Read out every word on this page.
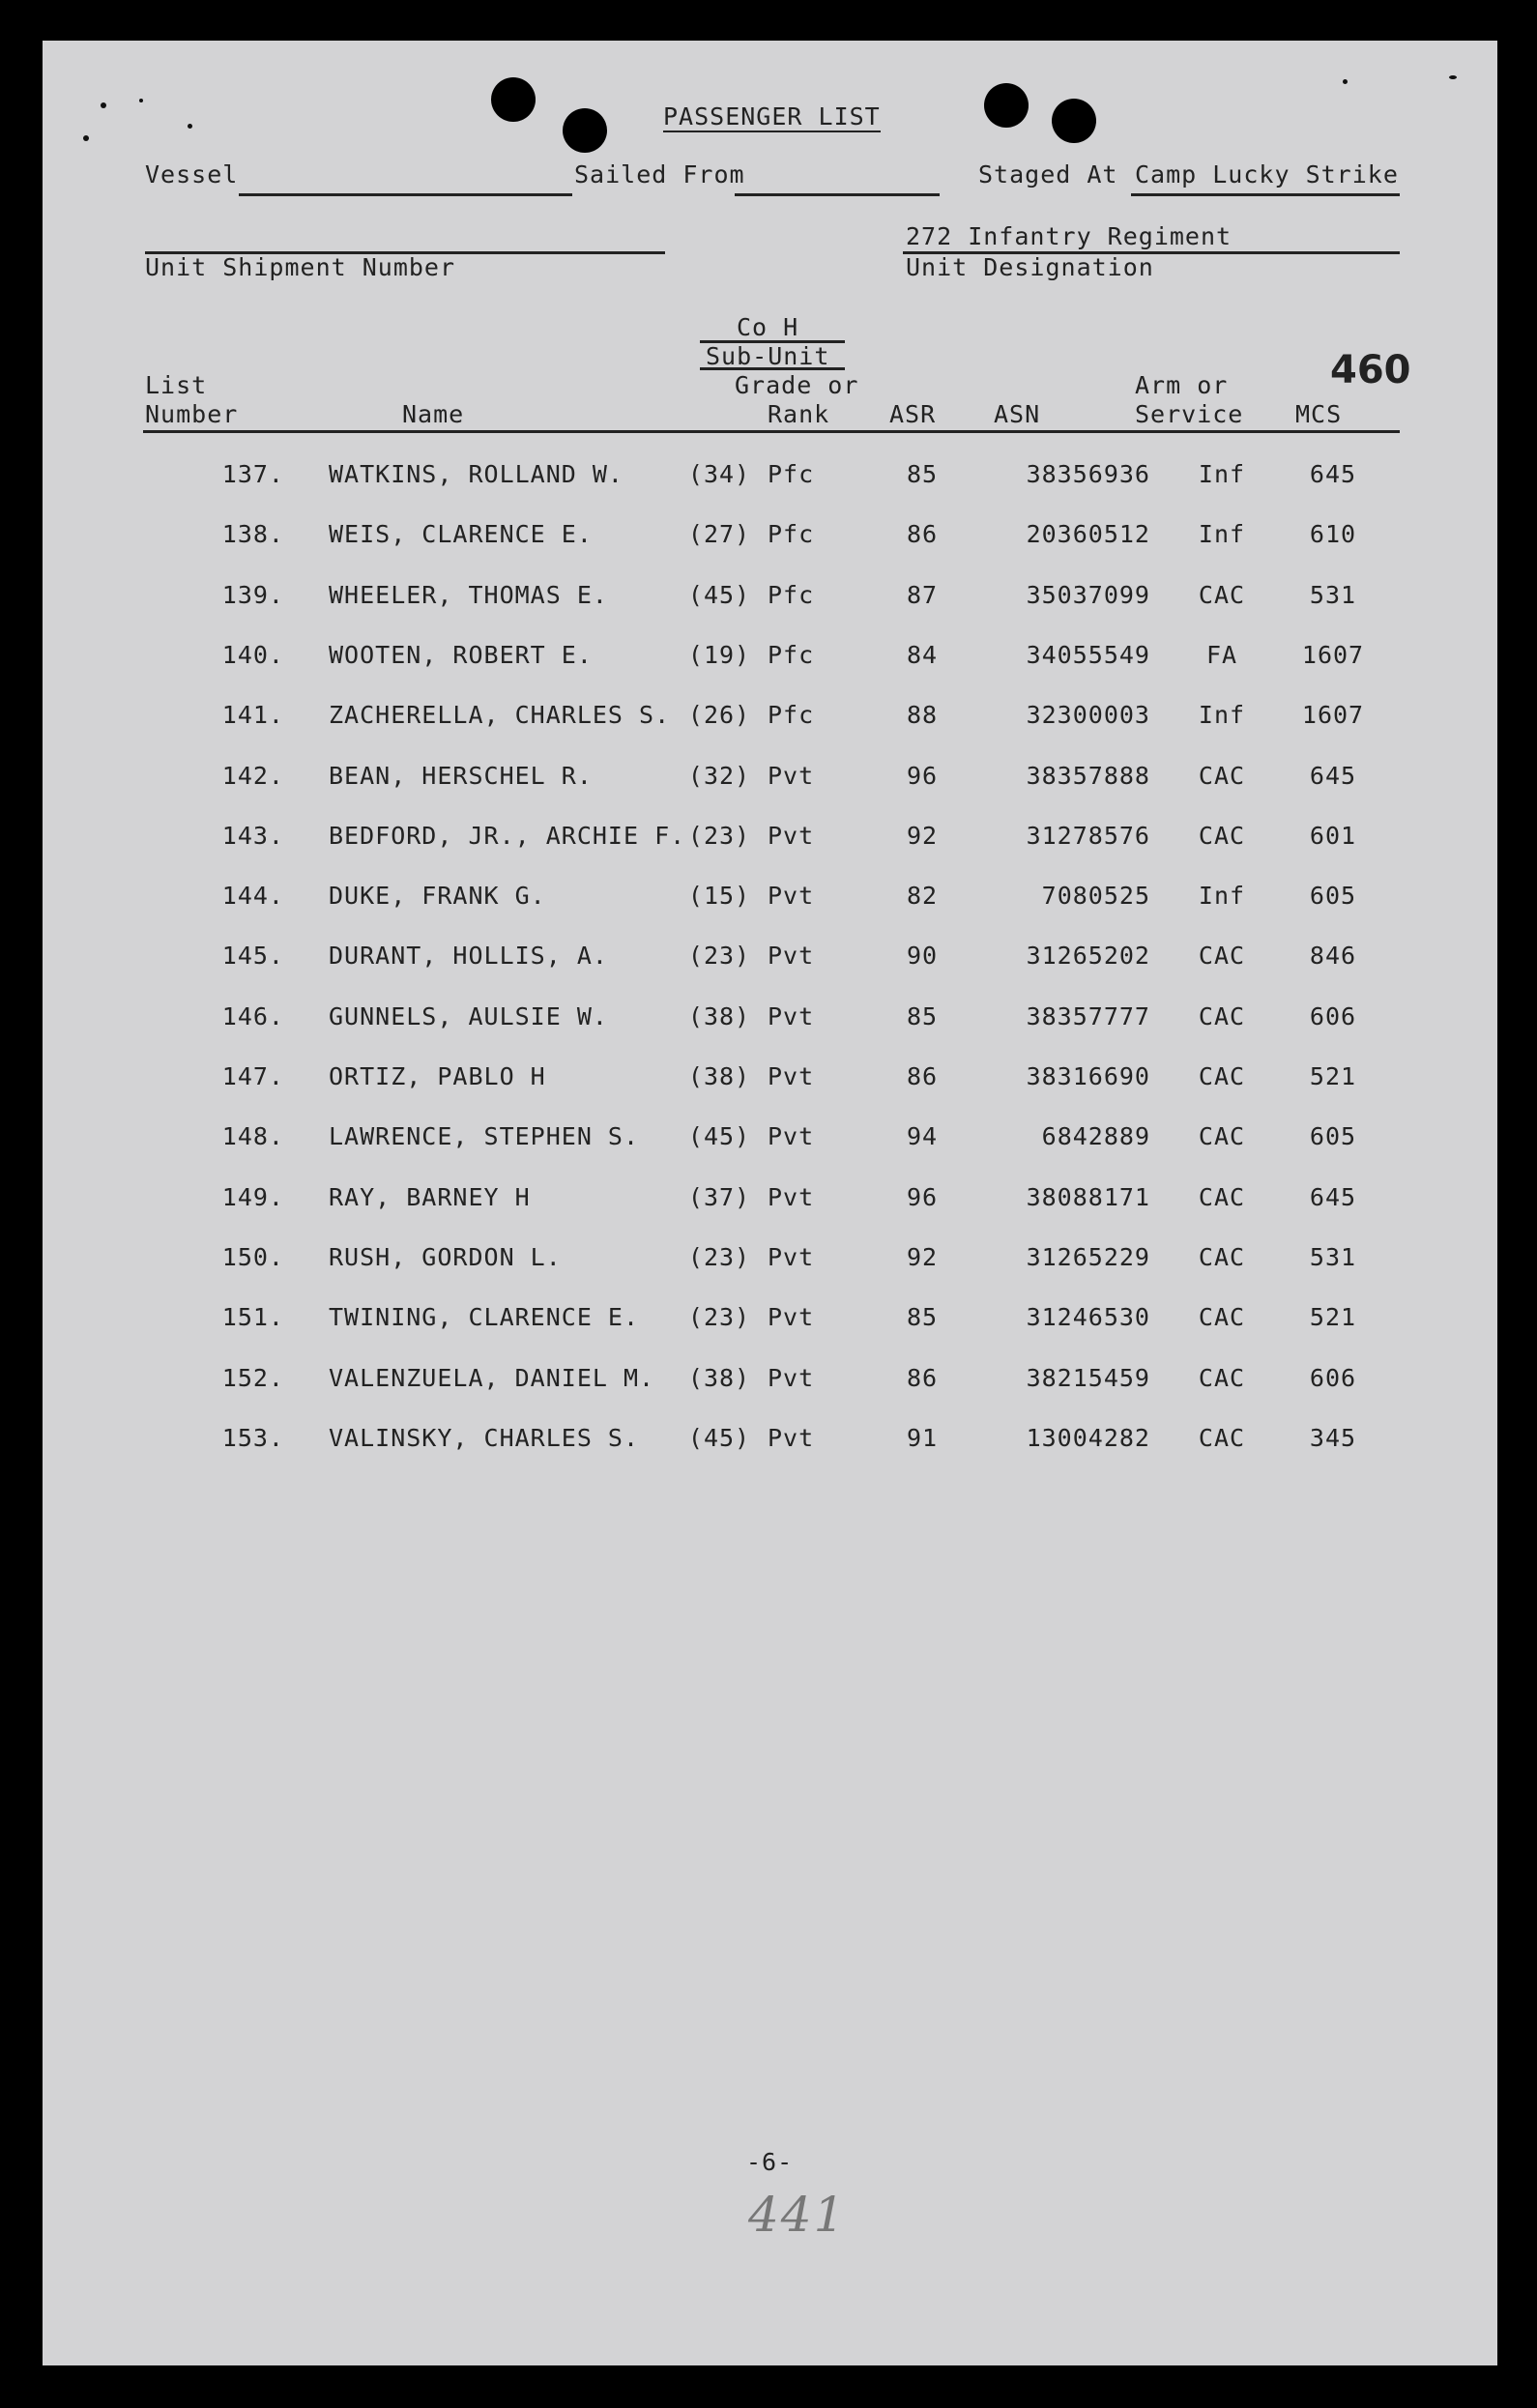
PASSENGER LIST
Vessel	Sailed From	Staged At Camp Lucky Strike
Unit Shipment Number
272 Infantry Regiment
Unit Designation
Co H
Sub-Unit	460
List
Number	Name
Grade or
Rank ASR ASN
Arm or
Service MCS
137. WATKINS, ROLLAND W.	(34) Pfc	85	38356936	Inf	645
138. WEIS, CLARENCE E.	(27) Pfc	86	20360512	Inf	610
139. WHEELER, THOMAS E.	(45) Pfc	87	35037099	CAC	531
140. WOOTEN, ROBERT E.	(19) Pfc	84	34055549	FA	1607
141. ZACHERELLA, CHARLES S. (26) Pfc	88	32300003	Inf	1607
142. BEAN, HERSCHEL R.	(32) Pvt	96	38357888	CAC	645
143. BEDFORD, JR., ARCHIE F. (23) Pvt	92	31278576	CAC	601
144. DUKE, FRANK G.	(15) Pvt	82	7080525	Inf	605
145. DURANT, HOLLIS, A.	(23) Pvt	90	31265202	CAC	846
146. GUNNELS, AULSIE W.	(38) Pvt	85	38357777	CAC	606
147. ORTIZ, PABLO H	(38) Pvt	86	38316690	CAC	521
148. LAWRENCE, STEPHEN S.	(45) Pvt	94	6842889	CAC	605
149. RAY, BARNEY H	(37) Pvt	96	38088171	CAC	645
150. RUSH, GORDON L.	(23) Pvt	92	31265229	CAC	531
151. TWINING, CLARENCE E.	(23) Pvt	85	31246530	CAC	521
152. VALENZUELA, DANIEL M.	(38) Pvt	86	38215459	CAC	606
153. VALINSKY, CHARLES S.	(45) Pvt	91	13004282	CAC	345
-6-
441
